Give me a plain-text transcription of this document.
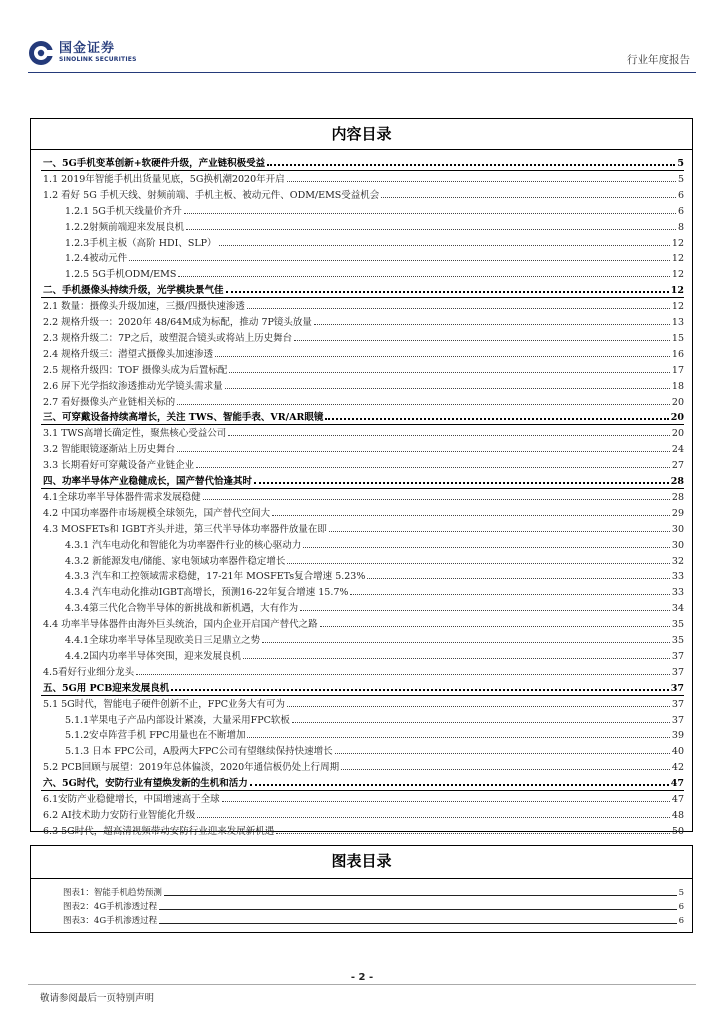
国金证券
SINOLINK SECURITIES	行业年度报告
内容目录
一、5G手机变革创新+软硬件升级，产业链积极受益	5
1.1 2019年智能手机出货量见底，5G换机潮2020年开启	5
1.2 看好 5G 手机天线、射频前端、手机主板、被动元件、ODM/EMS受益机会	6
1.2.1 5G手机天线量价齐升	6
1.2.2射频前端迎来发展良机	8
1.2.3手机主板（高阶 HDI、SLP）	12
1.2.4被动元件	12
1.2.5 5G手机ODM/EMS	12
二、手机摄像头持续升级，光学模块景气佳	12
2.1 数量：摄像头升级加速，三摄/四摄快速渗透	12
2.2 规格升级一：2020年 48/64M成为标配，推动 7P镜头放量	13
2.3 规格升级二：7P之后，玻塑混合镜头或将站上历史舞台	15
2.4 规格升级三：潜望式摄像头加速渗透	16
2.5 规格升级四：TOF 摄像头成为后置标配	17
2.6 屏下光学指纹渗透推动光学镜头需求量	18
2.7 看好摄像头产业链相关标的	20
三、可穿戴设备持续高增长，关注 TWS、智能手表、VR/AR眼镜	20
3.1 TWS高增长确定性，聚焦核心受益公司	20
3.2 智能眼镜逐渐站上历史舞台	24
3.3 长期看好可穿戴设备产业链企业	27
四、功率半导体产业稳健成长，国产替代恰逢其时	28
4.1全球功率半导体器件需求发展稳健	28
4.2 中国功率器件市场规模全球领先，国产替代空间大	29
4.3 MOSFETs和 IGBT齐头并进，第三代半导体功率器件放量在即	30
4.3.1 汽车电动化和智能化为功率器件行业的核心驱动力	30
4.3.2 新能源发电/储能、家电领域功率器件稳定增长	32
4.3.3 汽车和工控领域需求稳健，17-21年 MOSFETs复合增速 5.23%	33
4.3.4 汽车电动化推动IGBT高增长，预测16-22年复合增速 15.7%	33
4.3.4第三代化合物半导体的新挑战和新机遇，大有作为	34
4.4 功率半导体器件由海外巨头统治，国内企业开启国产替代之路	35
4.4.1全球功率半导体呈现欧美日三足鼎立之势	35
4.4.2国内功率半导体突围，迎来发展良机	37
4.5看好行业细分龙头	37
五、5G用 PCB迎来发展良机	37
5.1 5G时代，智能电子硬件创新不止，FPC业务大有可为	37
5.1.1苹果电子产品内部设计紧凑，大量采用FPC软板	37
5.1.2安卓阵营手机 FPC用量也在不断增加	39
5.1.3 日本 FPC公司，A股两大FPC公司有望继续保持快速增长	40
5.2 PCB回顾与展望：2019年总体偏淡，2020年通信板仍处上行周期	42
六、5G时代，安防行业有望焕发新的生机和活力	47
6.1安防产业稳健增长，中国增速高于全球	47
6.2 AI技术助力安防行业智能化升级	48
6.3 5G时代，超高清视频带动安防行业迎来发展新机遇	50
图表目录
图表1：智能手机趋势预测	5
图表2：4G手机渗透过程	6
图表3：4G手机渗透过程	6
- 2 -
敬请参阅最后一页特别声明
